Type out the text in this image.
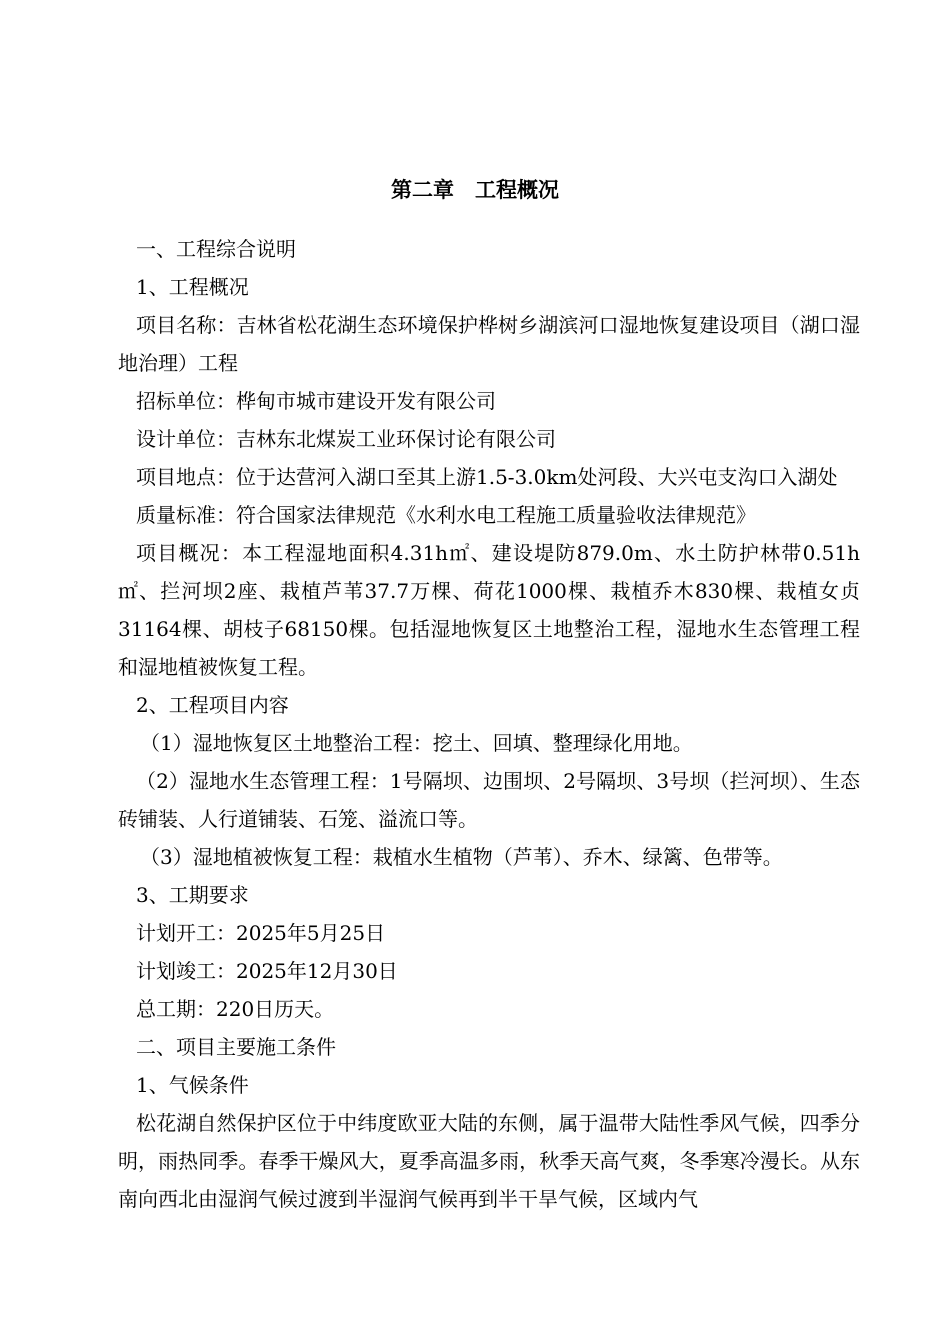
第二章　工程概况

一、工程综合说明

1、工程概况

项目名称：吉林省松花湖生态环境保护桦树乡湖滨河口湿地恢复建设项目（湖口湿地治理）工程

招标单位：桦甸市城市建设开发有限公司

设计单位：吉林东北煤炭工业环保讨论有限公司

项目地点：位于达营河入湖口至其上游1.5-3.0km处河段、大兴屯支沟口入湖处

质量标准：符合国家法律规范《水利水电工程施工质量验收法律规范》

项目概况：本工程湿地面积4.31h㎡、建设堤防879.0m、水土防护林带0.51h㎡、拦河坝2座、栽植芦苇37.7万棵、荷花1000棵、栽植乔木830棵、栽植女贞31164棵、胡枝子68150棵。包括湿地恢复区土地整治工程，湿地水生态管理工程和湿地植被恢复工程。

2、工程项目内容

（1）湿地恢复区土地整治工程：挖土、回填、整理绿化用地。

（2）湿地水生态管理工程：1号隔坝、边围坝、2号隔坝、3号坝（拦河坝）、生态砖铺装、人行道铺装、石笼、溢流口等。

（3）湿地植被恢复工程：栽植水生植物（芦苇）、乔木、绿篱、色带等。

3、工期要求

计划开工：2025年5月25日

计划竣工：2025年12月30日

总工期：220日历天。

二、项目主要施工条件

1、气候条件

松花湖自然保护区位于中纬度欧亚大陆的东侧，属于温带大陆性季风气候，四季分明，雨热同季。春季干燥风大，夏季高温多雨，秋季天高气爽，冬季寒冷漫长。从东南向西北由湿润气候过渡到半湿润气候再到半干旱气候，区域内气
